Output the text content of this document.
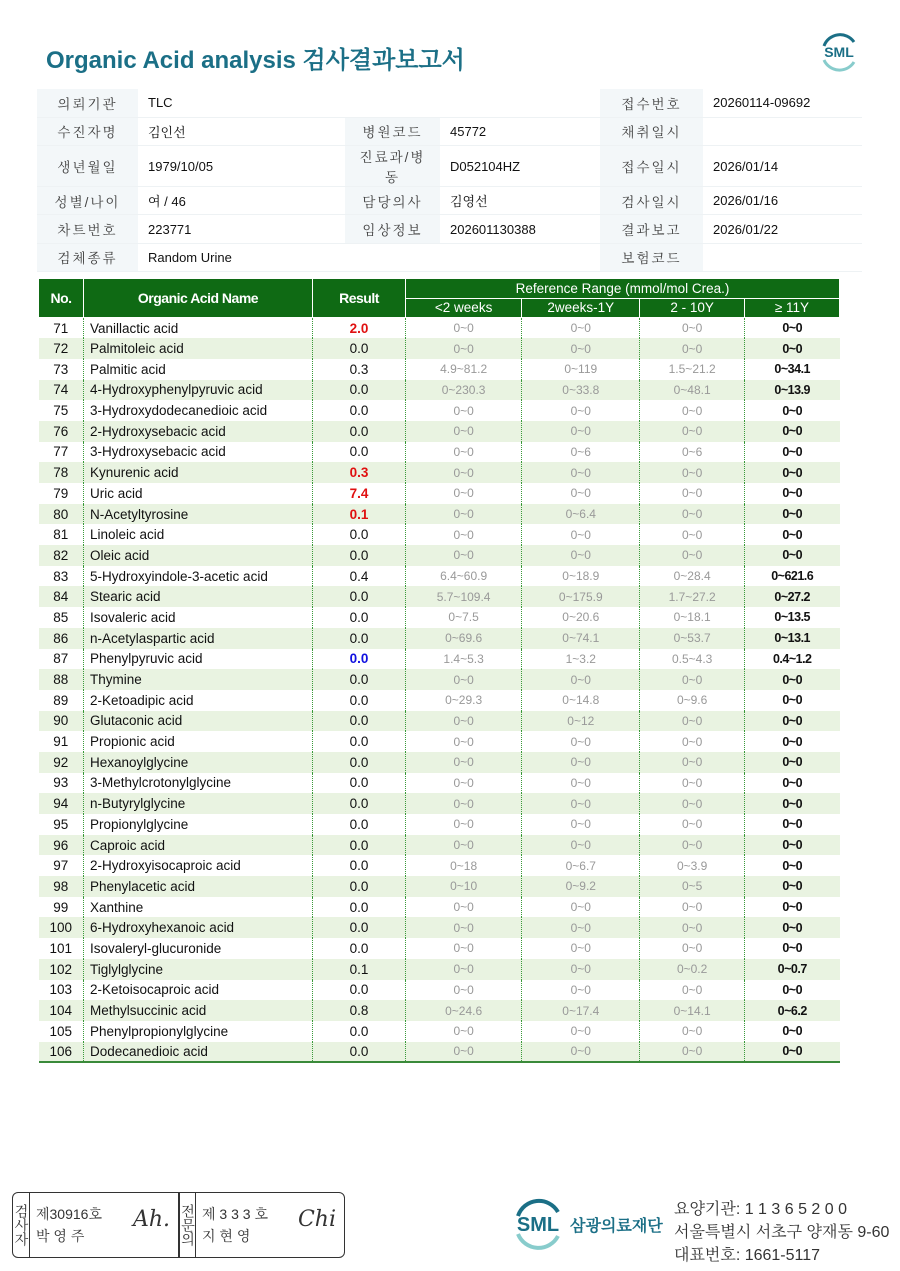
Organic Acid analysis 검사결과보고서	SML
의뢰기관	TLC			접수번호	20260114-09692
수진자명	김인선	병원코드	45772	채취일시	
생년월일	1979/10/05	진료과/병동	D052104HZ	접수일시	2026/01/14
성별/나이	여 / 46	담당의사	김영선	검사일시	2026/01/16
차트번호	223771	임상정보	202601130388	결과보고	2026/01/22
검체종류	Random Urine			보험코드	
No.	Organic Acid Name	Result	Reference Range (mmol/mol Crea.)			
			<2 weeks	2weeks-1Y	2 - 10Y	≥ 11Y
71	Vanillactic acid	2.0	0~0	0~0	0~0	0~0
72	Palmitoleic acid	0.0	0~0	0~0	0~0	0~0
73	Palmitic acid	0.3	4.9~81.2	0~119	1.5~21.2	0~34.1
74	4-Hydroxyphenylpyruvic acid	0.0	0~230.3	0~33.8	0~48.1	0~13.9
75	3-Hydroxydodecanedioic acid	0.0	0~0	0~0	0~0	0~0
76	2-Hydroxysebacic acid	0.0	0~0	0~0	0~0	0~0
77	3-Hydroxysebacic acid	0.0	0~0	0~6	0~6	0~0
78	Kynurenic acid	0.3	0~0	0~0	0~0	0~0
79	Uric acid	7.4	0~0	0~0	0~0	0~0
80	N-Acetyltyrosine	0.1	0~0	0~6.4	0~0	0~0
81	Linoleic acid	0.0	0~0	0~0	0~0	0~0
82	Oleic acid	0.0	0~0	0~0	0~0	0~0
83	5-Hydroxyindole-3-acetic acid	0.4	6.4~60.9	0~18.9	0~28.4	0~621.6
84	Stearic acid	0.0	5.7~109.4	0~175.9	1.7~27.2	0~27.2
85	Isovaleric acid	0.0	0~7.5	0~20.6	0~18.1	0~13.5
86	n-Acetylaspartic acid	0.0	0~69.6	0~74.1	0~53.7	0~13.1
87	Phenylpyruvic acid	0.0	1.4~5.3	1~3.2	0.5~4.3	0.4~1.2
88	Thymine	0.0	0~0	0~0	0~0	0~0
89	2-Ketoadipic acid	0.0	0~29.3	0~14.8	0~9.6	0~0
90	Glutaconic acid	0.0	0~0	0~12	0~0	0~0
91	Propionic acid	0.0	0~0	0~0	0~0	0~0
92	Hexanoylglycine	0.0	0~0	0~0	0~0	0~0
93	3-Methylcrotonylglycine	0.0	0~0	0~0	0~0	0~0
94	n-Butyrylglycine	0.0	0~0	0~0	0~0	0~0
95	Propionylglycine	0.0	0~0	0~0	0~0	0~0
96	Caproic acid	0.0	0~0	0~0	0~0	0~0
97	2-Hydroxyisocaproic acid	0.0	0~18	0~6.7	0~3.9	0~0
98	Phenylacetic acid	0.0	0~10	0~9.2	0~5	0~0
99	Xanthine	0.0	0~0	0~0	0~0	0~0
100	6-Hydroxyhexanoic acid	0.0	0~0	0~0	0~0	0~0
101	Isovaleryl-glucuronide	0.0	0~0	0~0	0~0	0~0
102	Tiglylglycine	0.1	0~0	0~0	0~0.2	0~0.7
103	2-Ketoisocaproic acid	0.0	0~0	0~0	0~0	0~0
104	Methylsuccinic acid	0.8	0~24.6	0~17.4	0~14.1	0~6.2
105	Phenylpropionylglycine	0.0	0~0	0~0	0~0	0~0
106	Dodecanedioic acid	0.0	0~0	0~0	0~0	0~0
검사자 제30916호
박 영 주
Ah. 전문의 제 3 3 3 호
지 현 영
Chi	SML 삼광의료재단
요양기관: 1 1 3 6 5 2 0 0
서울특별시 서초구 양재동 9-60
대표번호: 1661-5117
